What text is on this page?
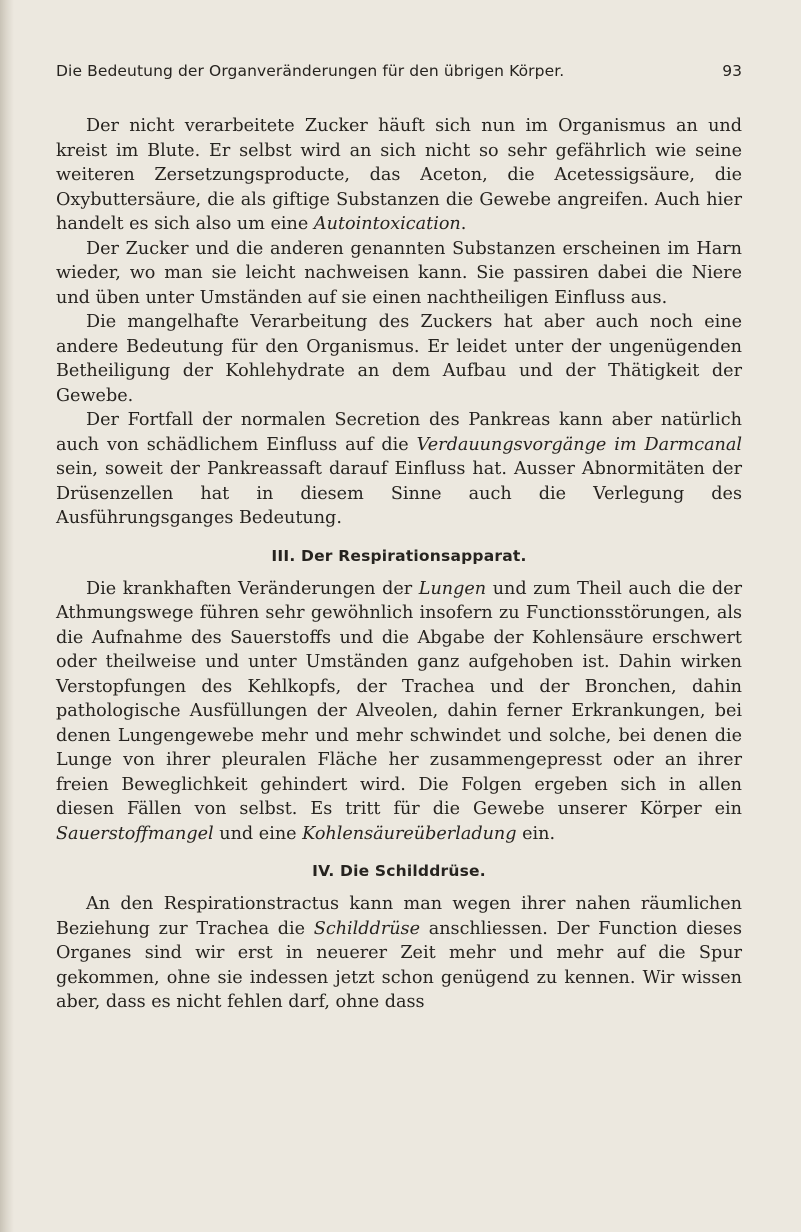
Die Bedeutung der Organveränderungen für den übrigen Körper.	93

Der nicht verarbeitete Zucker häuft sich nun im Organismus an und kreist im Blute. Er selbst wird an sich nicht so sehr gefährlich wie seine weiteren Zersetzungsproducte, das Aceton, die Acetessigsäure, die Oxybuttersäure, die als giftige Substanzen die Gewebe angreifen. Auch hier handelt es sich also um eine Autointoxication.

Der Zucker und die anderen genannten Substanzen erscheinen im Harn wieder, wo man sie leicht nachweisen kann. Sie passiren dabei die Niere und üben unter Umständen auf sie einen nachtheiligen Einfluss aus.

Die mangelhafte Verarbeitung des Zuckers hat aber auch noch eine andere Bedeutung für den Organismus. Er leidet unter der ungenügenden Betheiligung der Kohlehydrate an dem Aufbau und der Thätigkeit der Gewebe.

Der Fortfall der normalen Secretion des Pankreas kann aber natürlich auch von schädlichem Einfluss auf die Verdauungsvorgänge im Darmcanal sein, soweit der Pankreassaft darauf Einfluss hat. Ausser Abnormitäten der Drüsenzellen hat in diesem Sinne auch die Verlegung des Ausführungsganges Bedeutung.

III. Der Respirationsapparat.

Die krankhaften Veränderungen der Lungen und zum Theil auch die der Athmungswege führen sehr gewöhnlich insofern zu Functionsstörungen, als die Aufnahme des Sauerstoffs und die Abgabe der Kohlensäure erschwert oder theilweise und unter Umständen ganz aufgehoben ist. Dahin wirken Verstopfungen des Kehlkopfs, der Trachea und der Bronchen, dahin pathologische Ausfüllungen der Alveolen, dahin ferner Erkrankungen, bei denen Lungengewebe mehr und mehr schwindet und solche, bei denen die Lunge von ihrer pleuralen Fläche her zusammengepresst oder an ihrer freien Beweglichkeit gehindert wird. Die Folgen ergeben sich in allen diesen Fällen von selbst. Es tritt für die Gewebe unserer Körper ein Sauerstoffmangel und eine Kohlensäureüberladung ein.

IV. Die Schilddrüse.

An den Respirationstractus kann man wegen ihrer nahen räumlichen Beziehung zur Trachea die Schilddrüse anschliessen. Der Function dieses Organes sind wir erst in neuerer Zeit mehr und mehr auf die Spur gekommen, ohne sie indessen jetzt schon genügend zu kennen. Wir wissen aber, dass es nicht fehlen darf, ohne dass
